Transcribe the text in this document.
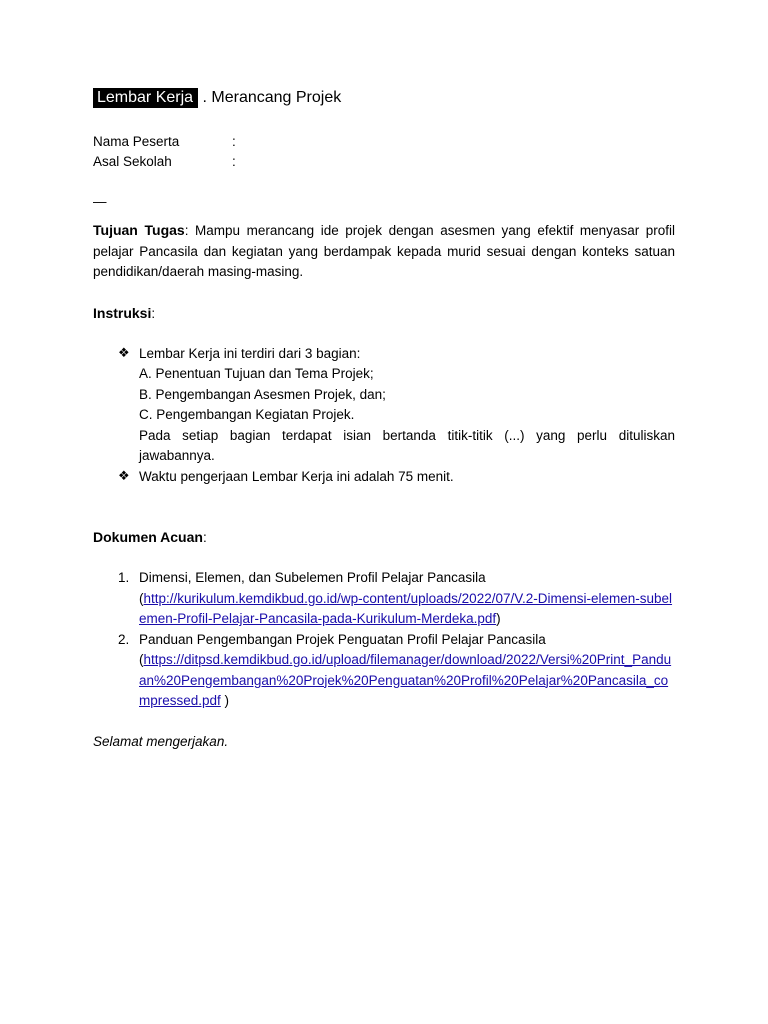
Lembar Kerja . Merancang Projek
Nama Peserta	:
Asal Sekolah	:
—
Tujuan Tugas: Mampu merancang ide projek dengan asesmen yang efektif menyasar profil pelajar Pancasila dan kegiatan yang berdampak kepada murid sesuai dengan konteks satuan pendidikan/daerah masing-masing.
Instruksi:
❖ Lembar Kerja ini terdiri dari 3 bagian:
A. Penentuan Tujuan dan Tema Projek;
B. Pengembangan Asesmen Projek, dan;
C. Pengembangan Kegiatan Projek.
Pada setiap bagian terdapat isian bertanda titik-titik (...) yang perlu dituliskan jawabannya.
❖ Waktu pengerjaan Lembar Kerja ini adalah 75 menit.
Dokumen Acuan:
1. Dimensi, Elemen, dan Subelemen Profil Pelajar Pancasila
(http://kurikulum.kemdikbud.go.id/wp-content/uploads/2022/07/V.2-Dimensi-elemen-subelemen-Profil-Pelajar-Pancasila-pada-Kurikulum-Merdeka.pdf)
2. Panduan Pengembangan Projek Penguatan Profil Pelajar Pancasila
(https://ditpsd.kemdikbud.go.id/upload/filemanager/download/2022/Versi%20Print_Panduan%20Pengembangan%20Projek%20Penguatan%20Profil%20Pelajar%20Pancasila_compressed.pdf )
Selamat mengerjakan.
